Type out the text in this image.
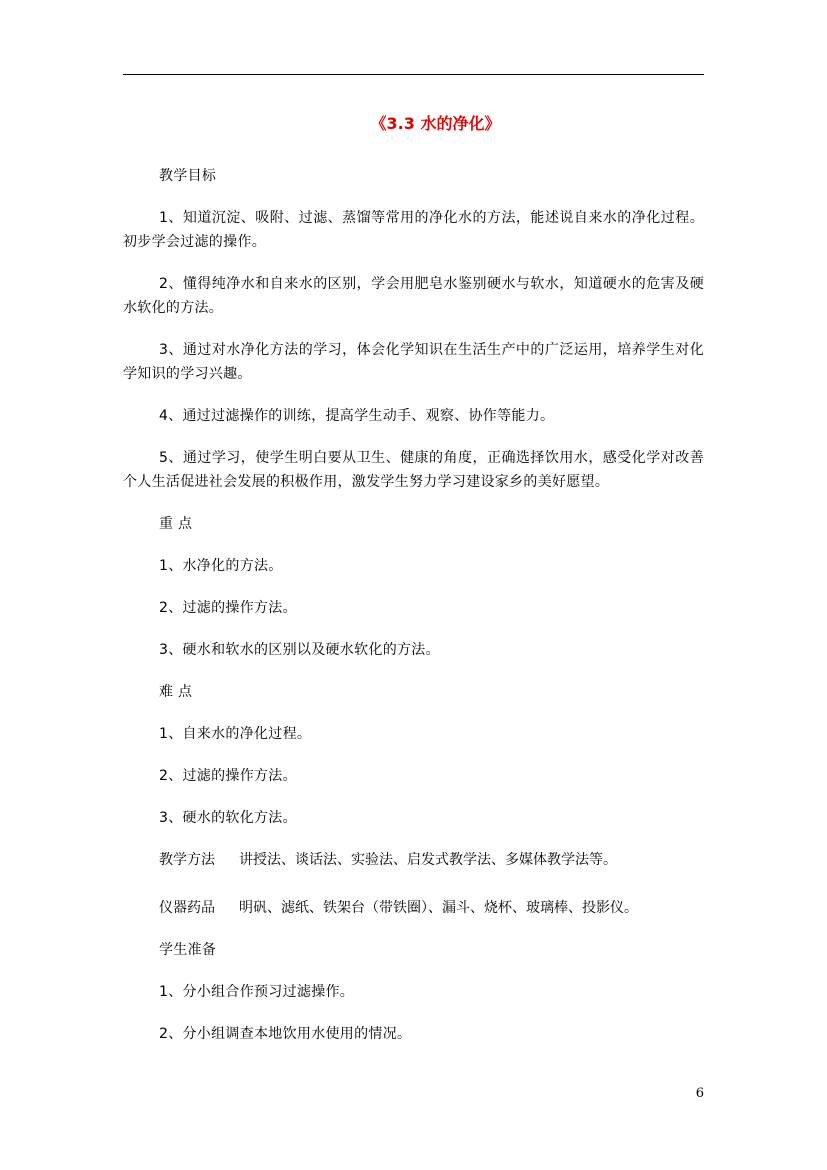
《3.3 水的净化》

教学目标

1、知道沉淀、吸附、过滤、蒸馏等常用的净化水的方法，能述说自来水的净化过程。初步学会过滤的操作。

2、懂得纯净水和自来水的区别，学会用肥皂水鉴别硬水与软水，知道硬水的危害及硬水软化的方法。

3、通过对水净化方法的学习，体会化学知识在生活生产中的广泛运用，培养学生对化学知识的学习兴趣。

4、通过过滤操作的训练，提高学生动手、观察、协作等能力。

5、通过学习，使学生明白要从卫生、健康的角度，正确选择饮用水，感受化学对改善个人生活促进社会发展的积极作用，激发学生努力学习建设家乡的美好愿望。

重 点

1、水净化的方法。

2、过滤的操作方法。

3、硬水和软水的区别以及硬水软化的方法。

难 点

1、自来水的净化过程。

2、过滤的操作方法。

3、硬水的软化方法。

教学方法	讲授法、谈话法、实验法、启发式教学法、多媒体教学法等。
仪器药品	明矾、滤纸、铁架台（带铁圈）、漏斗、烧杯、玻璃棒、投影仪。

学生准备

1、分小组合作预习过滤操作。

2、分小组调查本地饮用水使用的情况。

6
